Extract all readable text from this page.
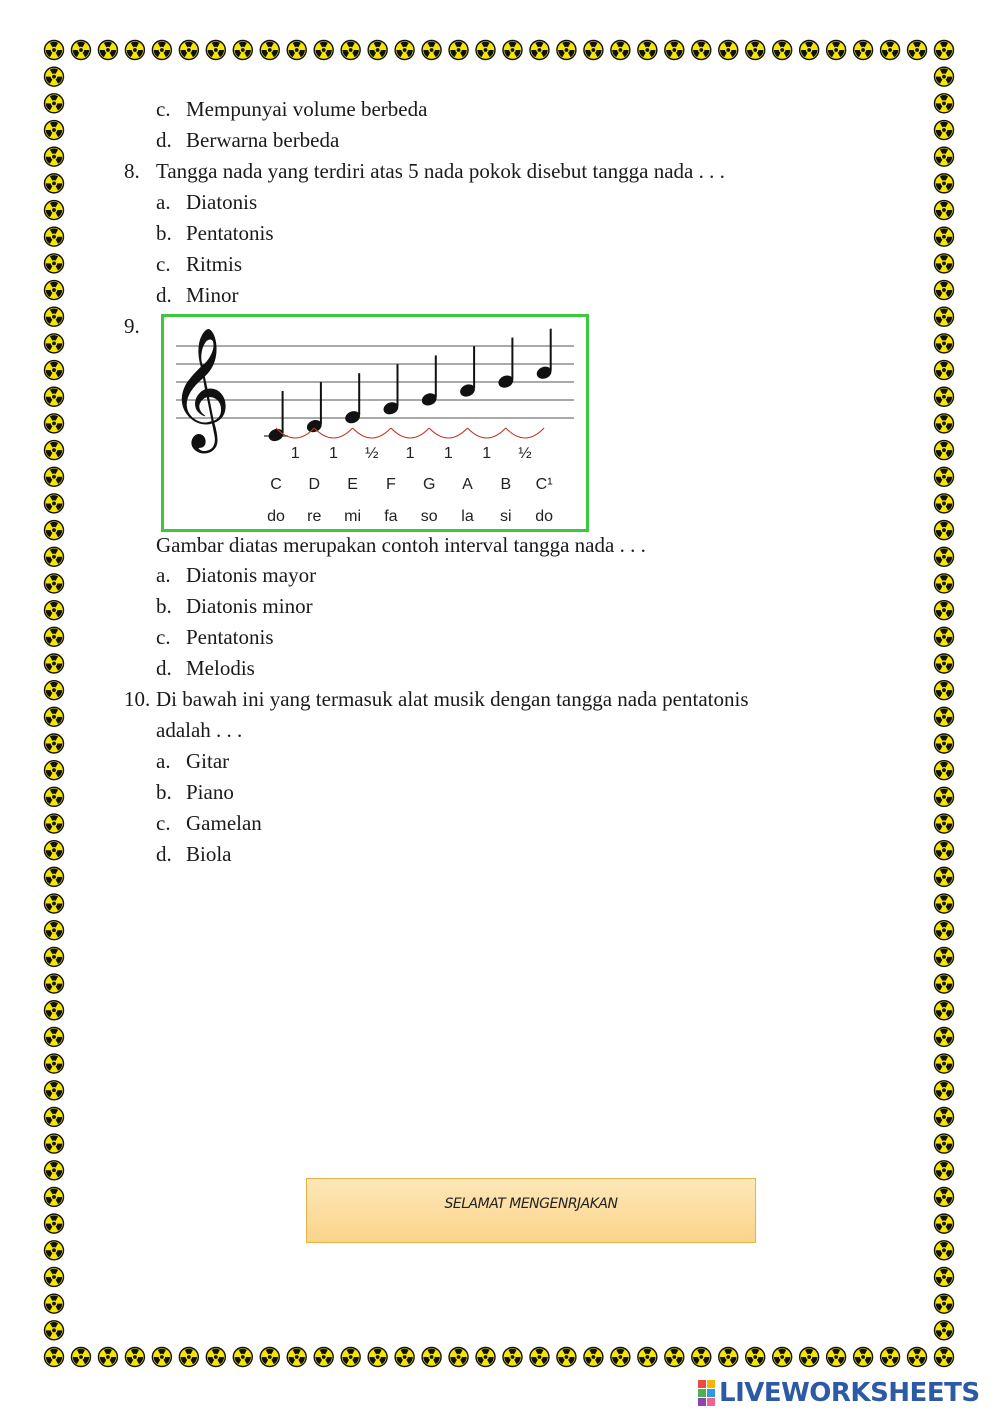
c. Mempunyai volume berbeda
d. Berwarna berbeda
8. Tangga nada yang terdiri atas 5 nada pokok disebut tangga nada . . .
a. Diatonis
b. Pentatonis
c. Ritmis
d. Minor
9. 𝄞
1 1 ½ 1 1 1 ½
C D E F G A B C¹
do re mi fa so la si do
Gambar diatas merupakan contoh interval tangga nada . . .
a. Diatonis mayor
b. Diatonis minor
c. Pentatonis
d. Melodis
10. Di bawah ini yang termasuk alat musik dengan tangga nada pentatonis
adalah . . .
a. Gitar
b. Piano
c. Gamelan
d. Biola
SELAMAT MENGENRJAKAN
LIVEWORKSHEETS
